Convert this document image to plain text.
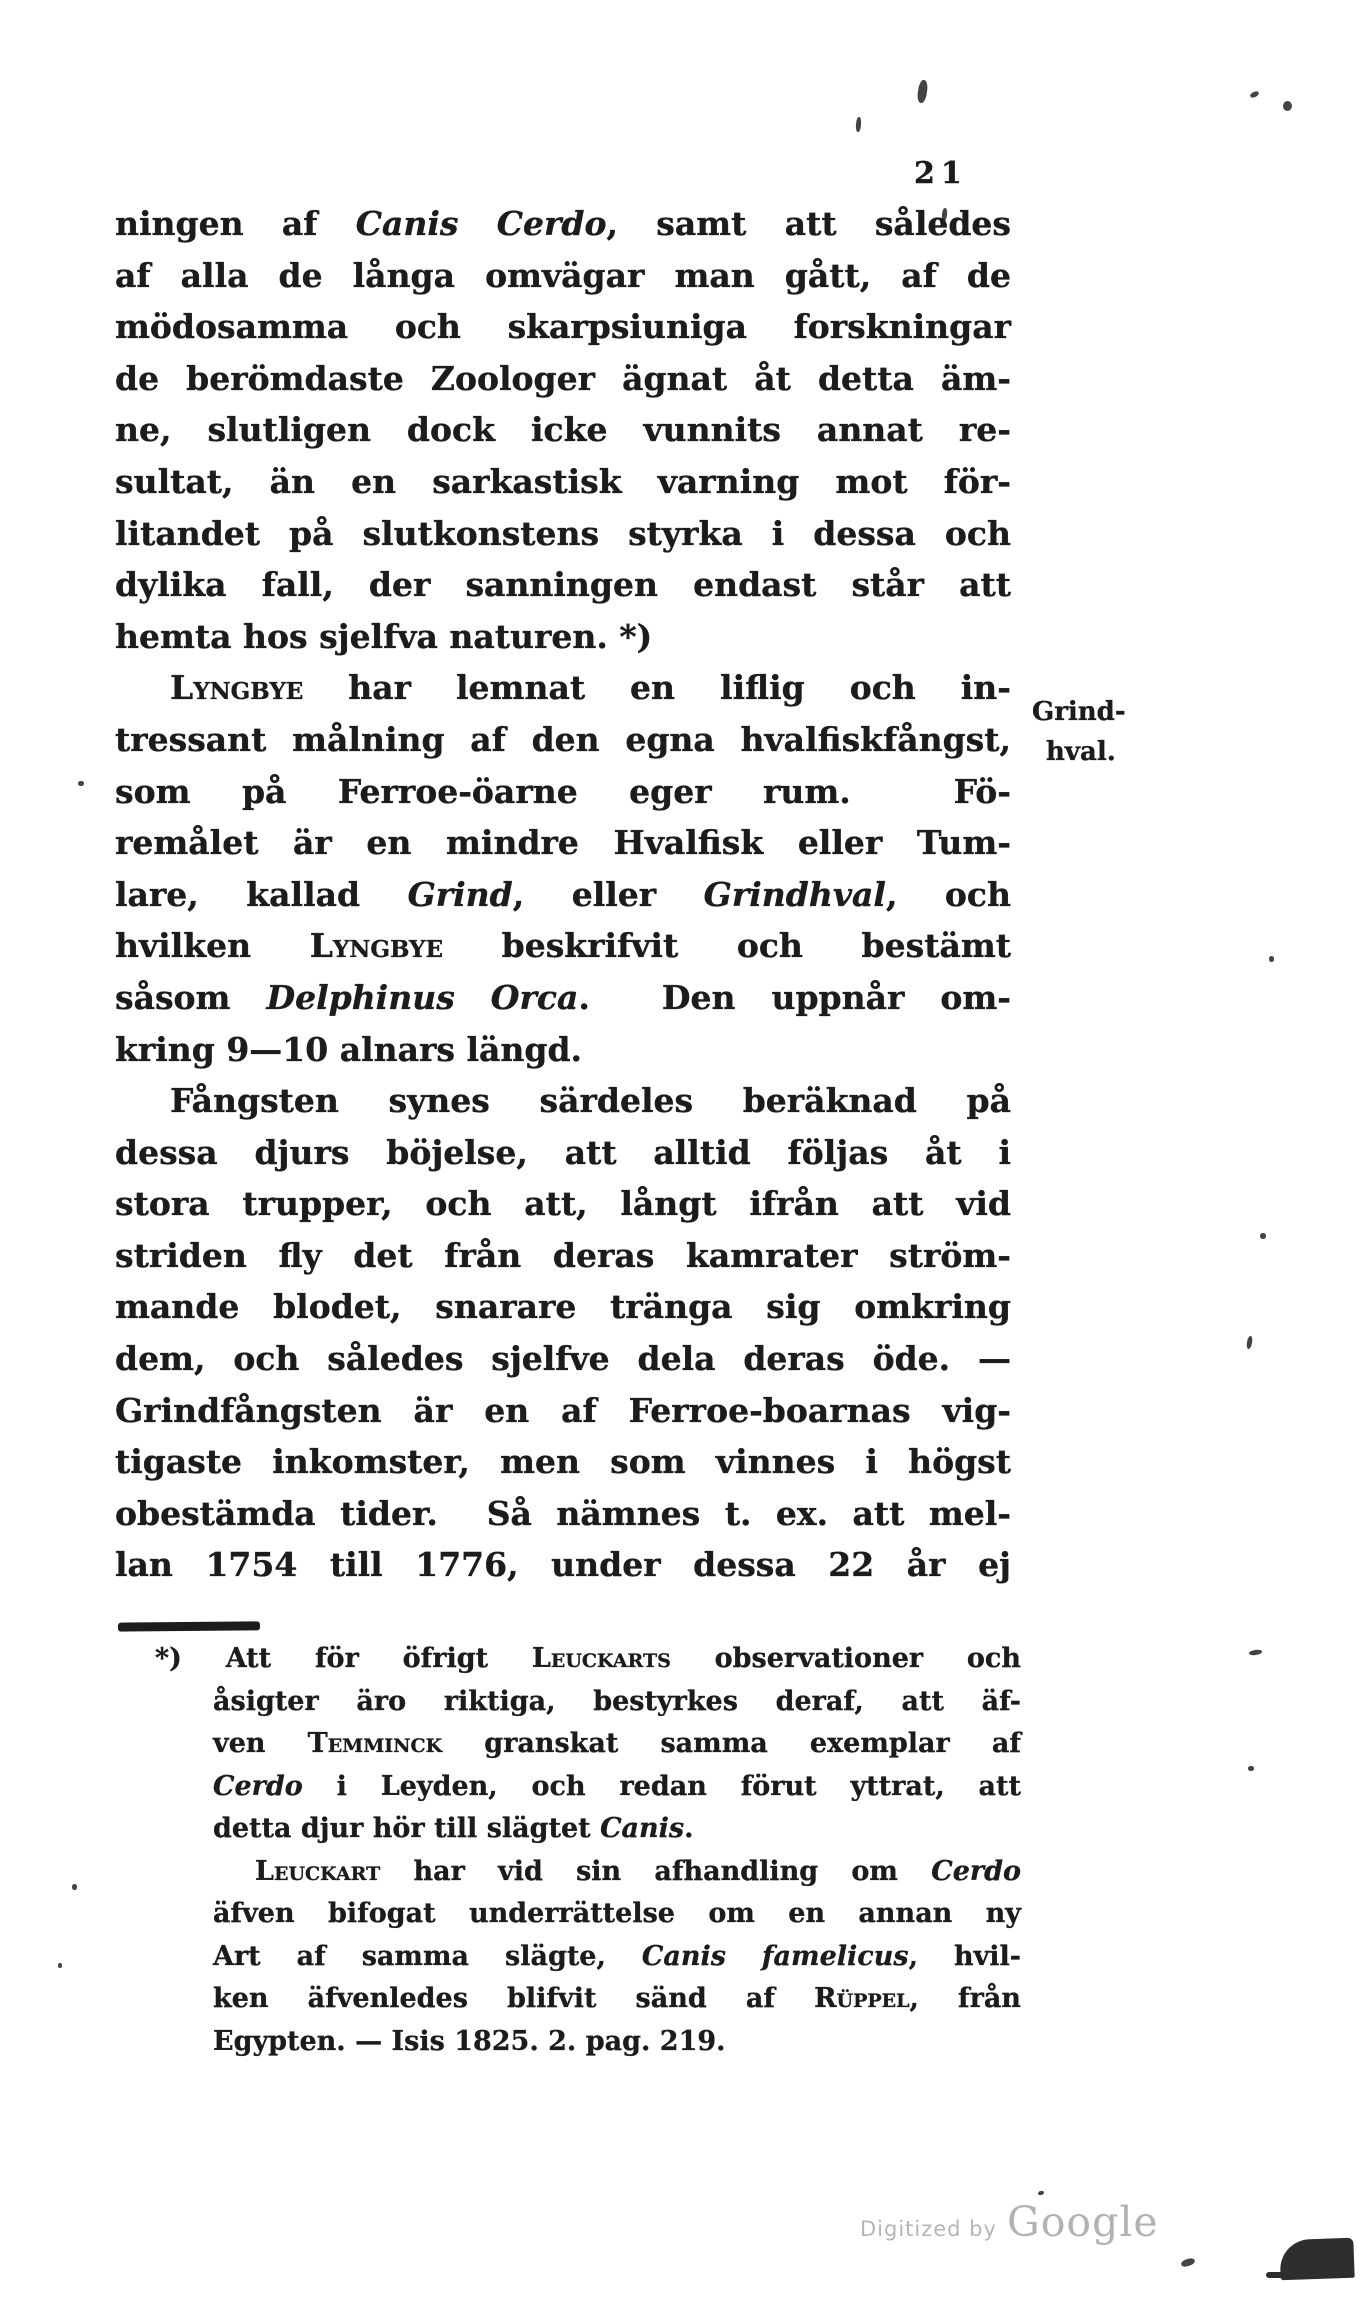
21
ningen af Canis Cerdo, samt att således
af alla de långa omvägar man gått, af de
mödosamma och skarpsiuniga forskningar
de berömdaste Zoologer ägnat åt detta äm-
ne, slutligen dock icke vunnits annat re-
sultat, än en sarkastisk varning mot för-
litandet på slutkonstens styrka i dessa och
dylika fall, der sanningen endast står att
hemta hos sjelfva naturen. *)
Lyngbye har lemnat en liflig och in-
tressant målning af den egna hvalfiskfångst,
som på Ferroe-öarne eger rum.  Fö-
remålet är en mindre Hvalfisk eller Tum-
lare, kallad Grind, eller Grindhval, och
hvilken Lyngbye beskrifvit och bestämt
såsom Delphinus Orca.  Den uppnår om-
kring 9—10 alnars längd.
Fångsten synes särdeles beräknad på
dessa djurs böjelse, att alltid följas åt i
stora trupper, och att, långt ifrån att vid
striden fly det från deras kamrater ström-
mande blodet, snarare tränga sig omkring
dem, och således sjelfve dela deras öde. —
Grindfångsten är en af Ferroe-boarnas vig-
tigaste inkomster, men som vinnes i högst
obestämda tider.  Så nämnes t. ex. att mel-
lan 1754 till 1776, under dessa 22 år ej
Grind-
hval.
*) Att för öfrigt Leuckarts observationer och
åsigter äro riktiga, bestyrkes deraf, att äf-
ven Temminck granskat samma exemplar af
Cerdo i Leyden, och redan förut yttrat, att
detta djur hör till slägtet Canis.
Leuckart har vid sin afhandling om Cerdo
äfven bifogat underrättelse om en annan ny
Art af samma slägte, Canis famelicus, hvil-
ken äfvenledes blifvit sänd af Rüppel, från
Egypten. — Isis 1825. 2. pag. 219.
Digitized by Google
